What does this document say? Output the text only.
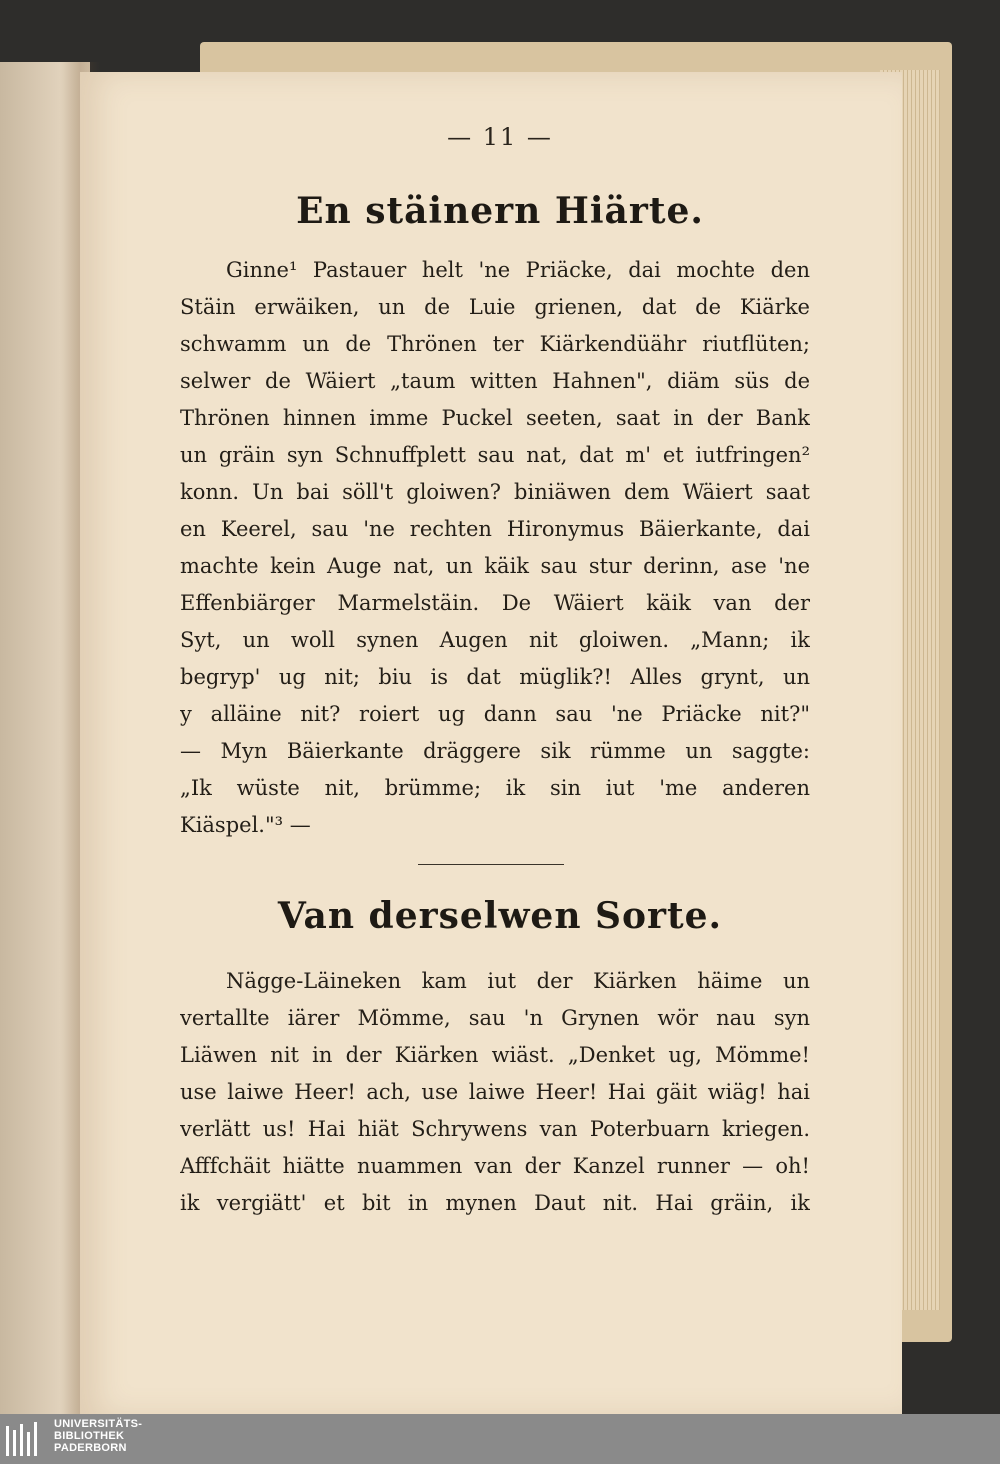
— 11 —
En stäinern Hiärte.
Ginne¹ Pastauer helt 'ne Priäcke, dai mochte den
Stäin erwäiken, un de Luie grienen, dat de Kiärke
schwamm un de Thrönen ter Kiärkendüähr riutflüten;
selwer de Wäiert „taum witten Hahnen", diäm süs de
Thrönen hinnen imme Puckel seeten, saat in der Bank
un gräin syn Schnuffplett sau nat, dat m' et iutfringen²
konn. Un bai söll't gloiwen? biniäwen dem Wäiert saat
en Keerel, sau 'ne rechten Hironymus Bäierkante, dai
machte kein Auge nat, un käik sau stur derinn, ase 'ne
Effenbiärger Marmelstäin. De Wäiert käik van der
Syt, un woll synen Augen nit gloiwen. „Mann; ik
begryp' ug nit; biu is dat müglik?! Alles grynt, un
y alläine nit? roiert ug dann sau 'ne Priäcke nit?"
— Myn Bäierkante dräggere sik rümme un saggte:
„Ik wüste nit, brümme; ik sin iut 'me anderen
Kiäspel."³ —
Van derselwen Sorte.
Nägge-Läineken kam iut der Kiärken häime un
vertallte iärer Mömme, sau 'n Grynen wör nau syn
Liäwen nit in der Kiärken wiäst. „Denket ug, Mömme!
use laiwe Heer! ach, use laiwe Heer! Hai gäit wiäg! hai
verlätt us! Hai hiät Schrywens van Poterbuarn kriegen.
Afffchäit hiätte nuammen van der Kanzel runner — oh!
ik vergiätt' et bit in mynen Daut nit. Hai gräin, ik
UNIVERSITÄTS-
BIBLIOTHEK
PADERBORN
